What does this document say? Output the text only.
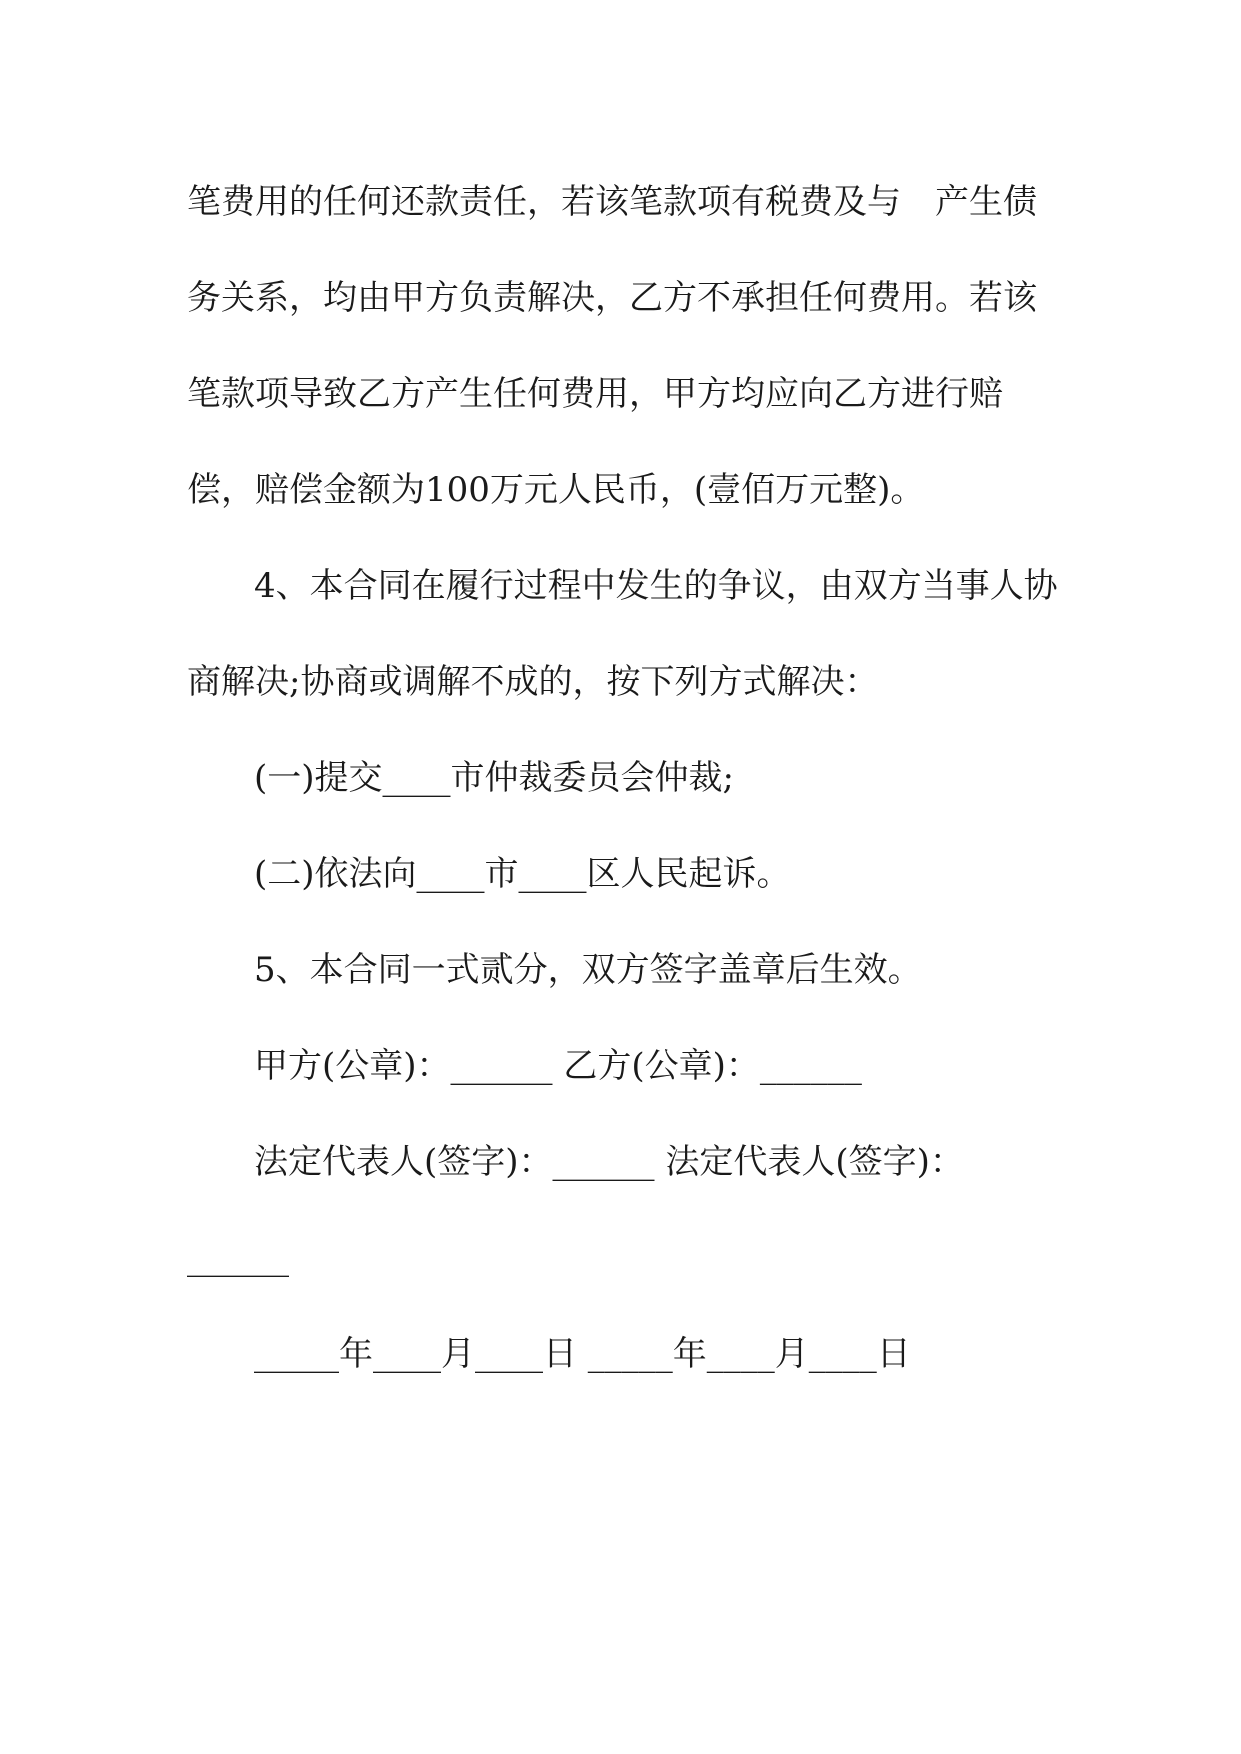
笔费用的任何还款责任，若该笔款项有税费及与　产生债
务关系，均由甲方负责解决，乙方不承担任何费用。若该
笔款项导致乙方产生任何费用，甲方均应向乙方进行赔
偿，赔偿金额为100万元人民币，(壹佰万元整)。
4、本合同在履行过程中发生的争议，由双方当事人协
商解决;协商或调解不成的，按下列方式解决：
(一)提交____市仲裁委员会仲裁;
(二)依法向____市____区人民起诉。
5、本合同一式贰分，双方签字盖章后生效。
甲方(公章)：______ 乙方(公章)：______
法定代表人(签字)：______ 法定代表人(签字)：
______
_____年____月____日 _____年____月____日
